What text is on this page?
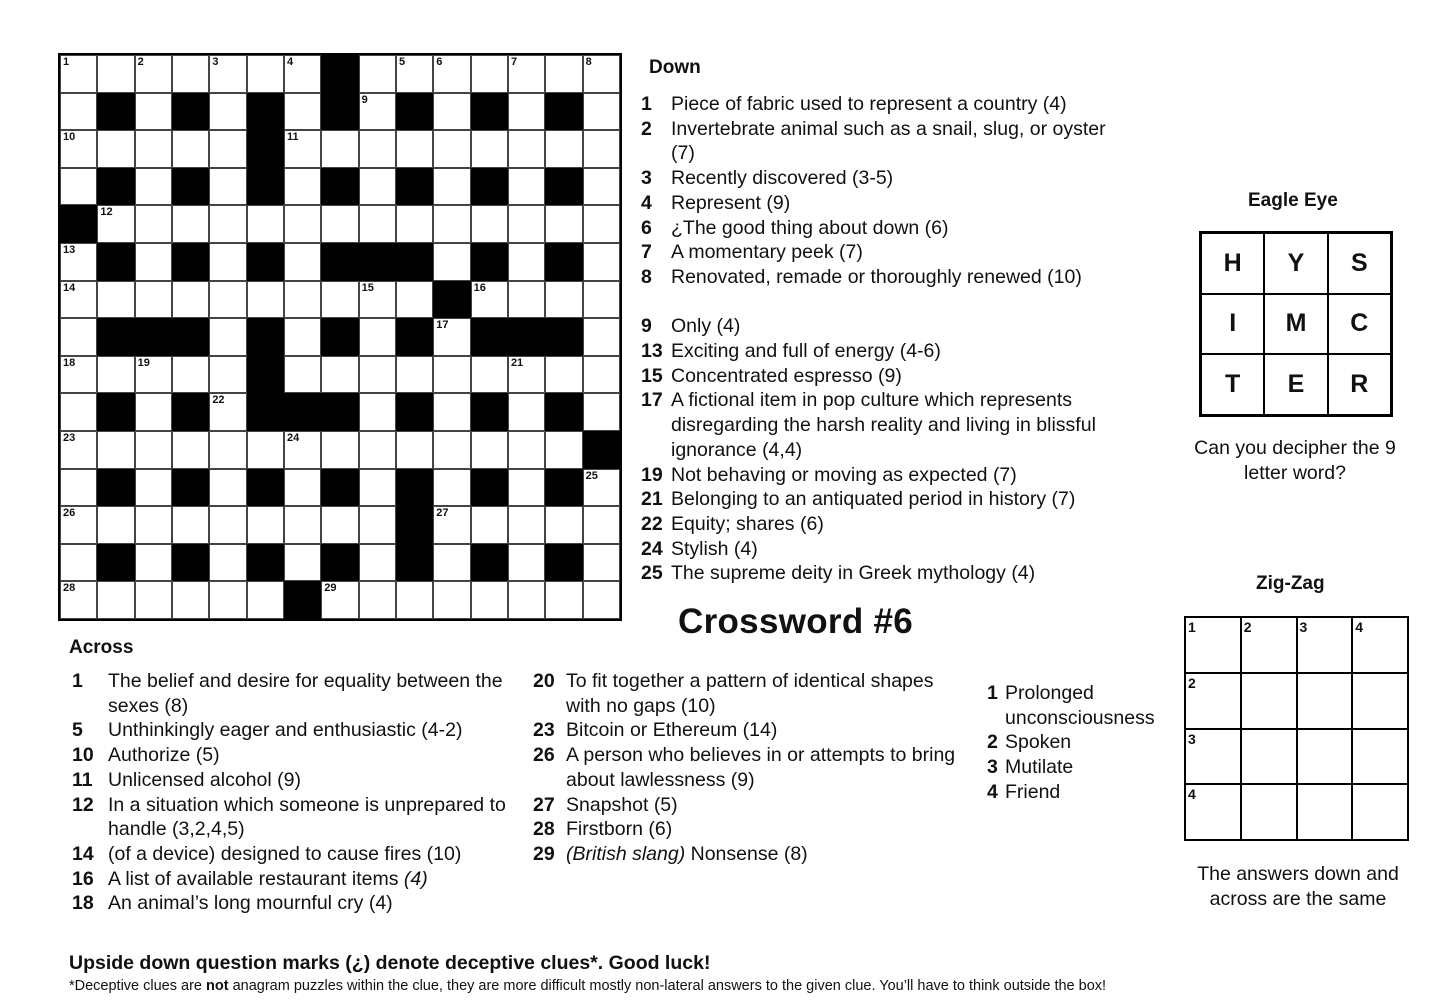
1	2	3	4	5	6	7	8
9
10	11
12
13
14	15	16
17
18	19	21
22
23	24
25
26	27
28	29
Down
1 Piece of fabric used to represent a country (4)
2 Invertebrate animal such as a snail, slug, or oyster (7)
3 Recently discovered (3-5)
4 Represent (9)
6 ¿The good thing about down (6)
7 A momentary peek (7)
8 Renovated, remade or thoroughly renewed (10)
9 Only (4)
13 Exciting and full of energy (4-6)
15 Concentrated espresso (9)
17 A fictional item in pop culture which represents disregarding the harsh reality and living in blissful ignorance (4,4)
19 Not behaving or moving as expected (7)
21 Belonging to an antiquated period in history (7)
22 Equity; shares (6)
24 Stylish (4)
25 The supreme deity in Greek mythology (4)
Crossword #6
Across
1 The belief and desire for equality between the sexes (8)
5 Unthinkingly eager and enthusiastic (4-2)
10 Authorize (5)
11 Unlicensed alcohol (9)
12 In a situation which someone is unprepared to handle (3,2,4,5)
14 (of a device) designed to cause fires (10)
16 A list of available restaurant items (4)
18 An animal’s long mournful cry (4)
20 To fit together a pattern of identical shapes with no gaps (10)
23 Bitcoin or Ethereum (14)
26 A person who believes in or attempts to bring about lawlessness (9)
27 Snapshot (5)
28 Firstborn (6)
29 (British slang) Nonsense (8)
Eagle Eye
H	Y	S
I	M	C
T	E	R
Can you decipher the 9 letter word?
Zig-Zag
1 Prolonged unconsciousness
2 Spoken
3 Mutilate
4 Friend
1	2	3	4
2
3
4
The answers down and across are the same
Upside down question marks (¿) denote deceptive clues*. Good luck!
*Deceptive clues are not anagram puzzles within the clue, they are more difficult mostly non-lateral answers to the given clue. You’ll have to think outside the box!
